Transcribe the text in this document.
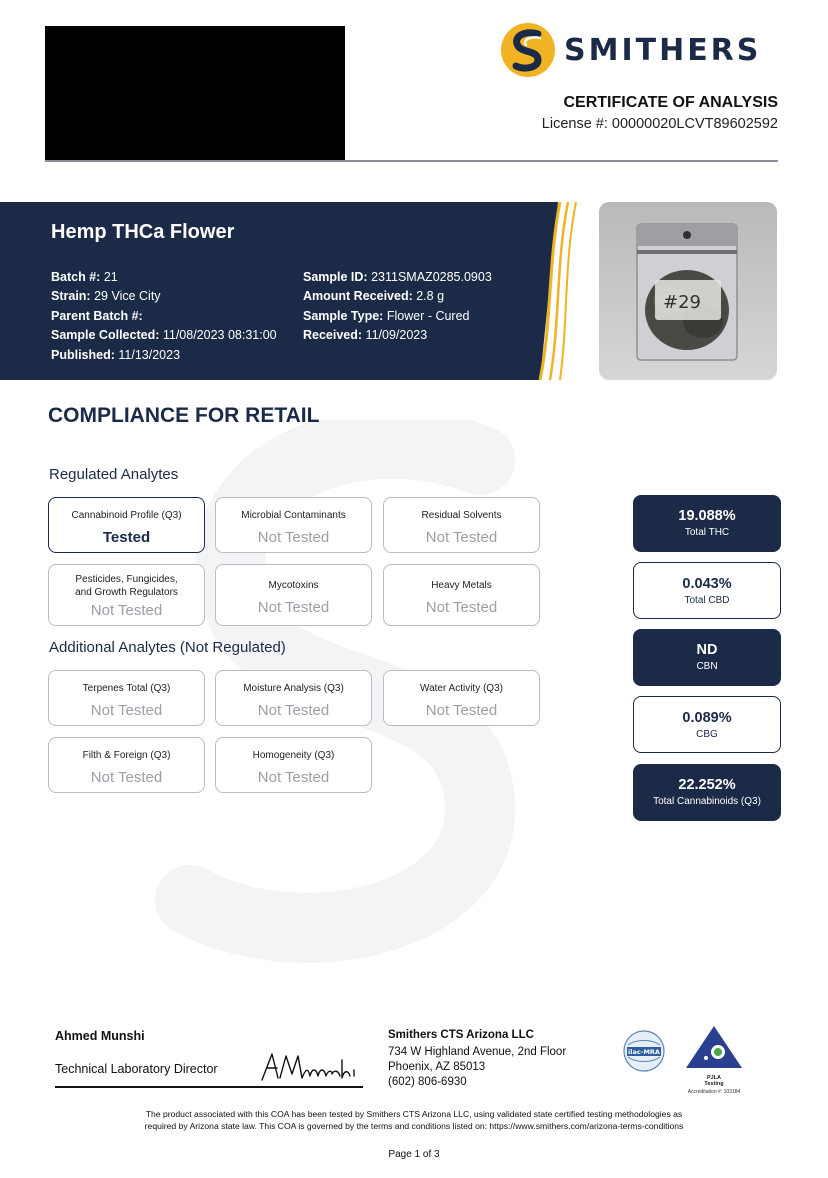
SMITHERS
CERTIFICATE OF ANALYSIS
License #: 00000020LCVT89602592
Hemp THCa Flower
Batch #: 21
Strain: 29 Vice City
Parent Batch #:
Sample Collected: 11/08/2023 08:31:00
Published: 11/13/2023
Sample ID: 2311SMAZ0285.0903
Amount Received: 2.8 g
Sample Type: Flower - Cured
Received: 11/09/2023
#29
COMPLIANCE FOR RETAIL
Regulated Analytes
Cannabinoid Profile (Q3)
Tested
Microbial Contaminants
Not Tested
Residual Solvents
Not Tested
Pesticides, Fungicides,
and Growth Regulators
Not Tested
Mycotoxins
Not Tested
Heavy Metals
Not Tested
Additional Analytes (Not Regulated)
Terpenes Total (Q3)
Not Tested
Moisture Analysis (Q3)
Not Tested
Water Activity (Q3)
Not Tested
Filth & Foreign (Q3)
Not Tested
Homogeneity (Q3)
Not Tested
19.088%
Total THC
0.043%
Total CBD
ND
CBN
0.089%
CBG
22.252%
Total Cannabinoids (Q3)
Ahmed Munshi
Technical Laboratory Director
Smithers CTS Arizona LLC
734 W Highland Avenue, 2nd Floor
Phoenix, AZ 85013
(602) 806-6930
ilac-MRA
PJLA
Testing
Accreditation #: 103184
The product associated with this COA has been tested by Smithers CTS Arizona LLC, using validated state certified testing methodologies as
required by Arizona state law. This COA is governed by the terms and conditions listed on: https://www.smithers.com/arizona-terms-conditions
Page 1 of 3
